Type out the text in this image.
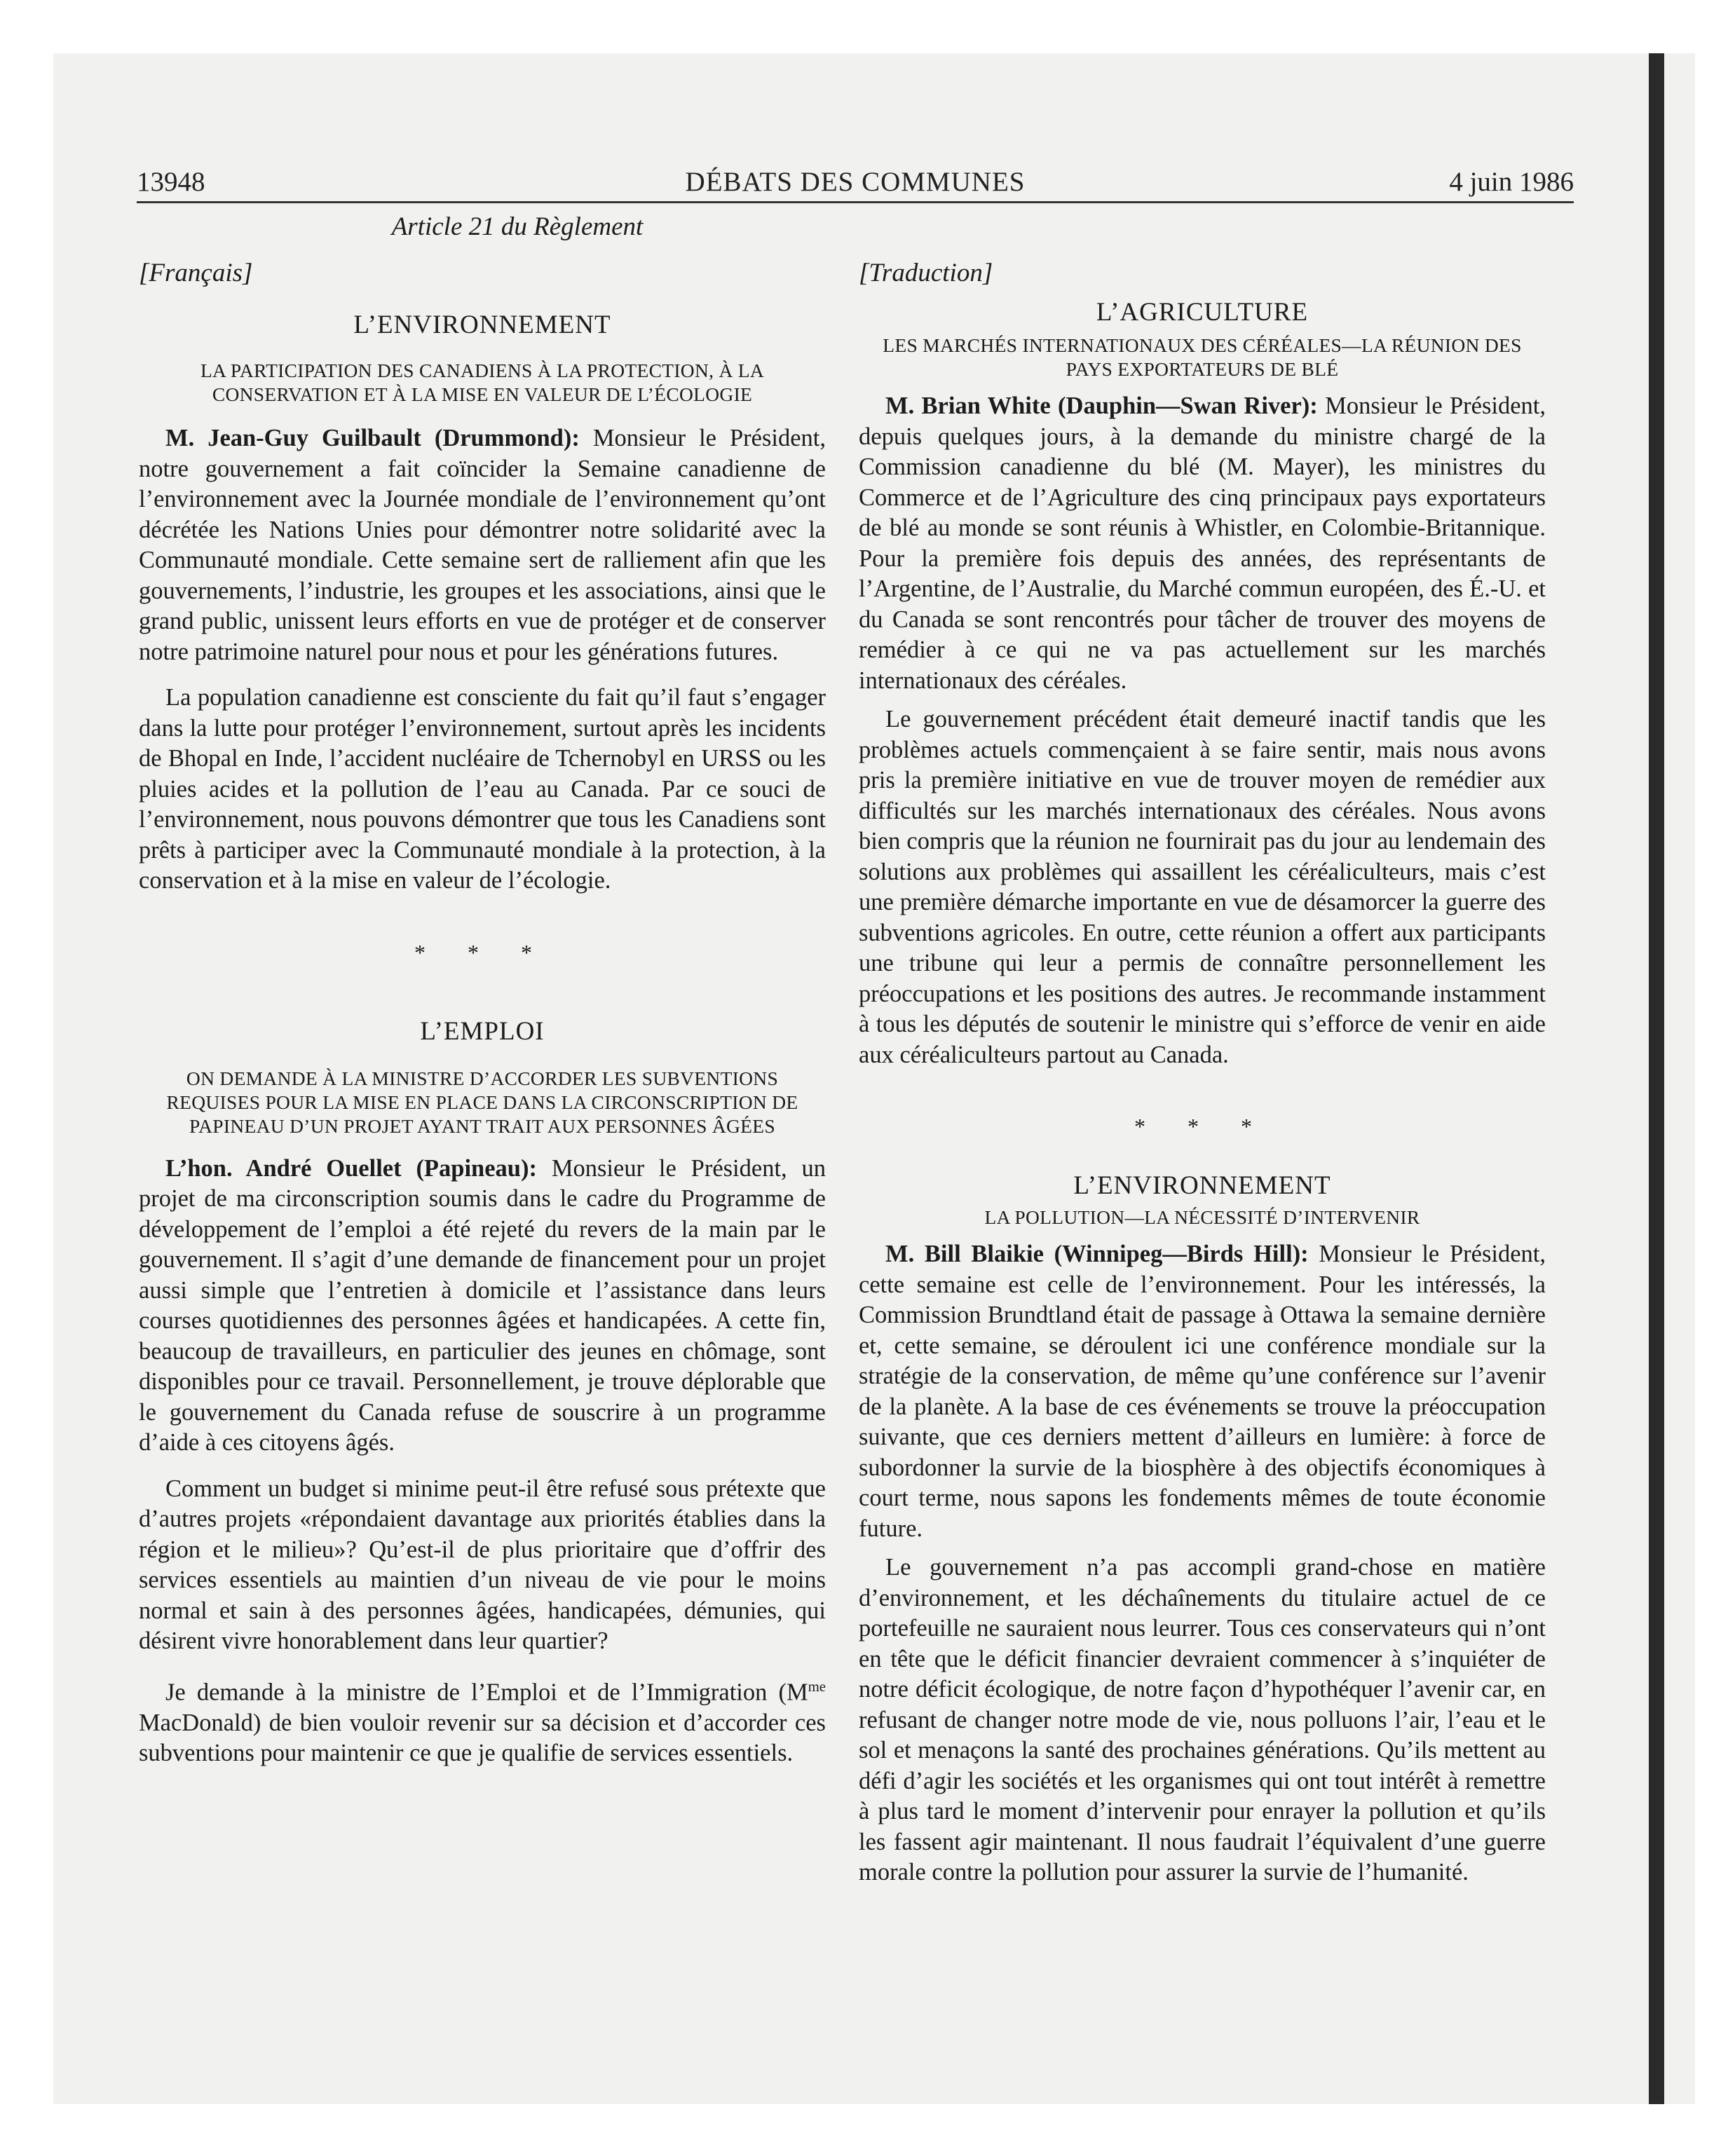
13948	DÉBATS DES COMMUNES	4 juin 1986

Article 21 du Règlement

[Français]

L’ENVIRONNEMENT

LA PARTICIPATION DES CANADIENS À LA PROTECTION, À LA CONSERVATION ET À LA MISE EN VALEUR DE L’ÉCOLOGIE

M. Jean-Guy Guilbault (Drummond): Monsieur le Président, notre gouvernement a fait coïncider la Semaine canadienne de l’environnement avec la Journée mondiale de l’environnement qu’ont décrétée les Nations Unies pour démontrer notre solidarité avec la Communauté mondiale. Cette semaine sert de ralliement afin que les gouvernements, l’industrie, les groupes et les associations, ainsi que le grand public, unissent leurs efforts en vue de protéger et de conserver notre patrimoine naturel pour nous et pour les générations futures.

La population canadienne est consciente du fait qu’il faut s’engager dans la lutte pour protéger l’environnement, surtout après les incidents de Bhopal en Inde, l’accident nucléaire de Tchernobyl en URSS ou les pluies acides et la pollution de l’eau au Canada. Par ce souci de l’environnement, nous pouvons démontrer que tous les Canadiens sont prêts à participer avec la Communauté mondiale à la protection, à la conservation et à la mise en valeur de l’écologie.

* * *

L’EMPLOI

ON DEMANDE À LA MINISTRE D’ACCORDER LES SUBVENTIONS REQUISES POUR LA MISE EN PLACE DANS LA CIRCONSCRIPTION DE PAPINEAU D’UN PROJET AYANT TRAIT AUX PERSONNES ÂGÉES

L’hon. André Ouellet (Papineau): Monsieur le Président, un projet de ma circonscription soumis dans le cadre du Programme de développement de l’emploi a été rejeté du revers de la main par le gouvernement. Il s’agit d’une demande de financement pour un projet aussi simple que l’entretien à domicile et l’assistance dans leurs courses quotidiennes des personnes âgées et handicapées. A cette fin, beaucoup de travailleurs, en particulier des jeunes en chômage, sont disponibles pour ce travail. Personnellement, je trouve déplorable que le gouvernement du Canada refuse de souscrire à un programme d’aide à ces citoyens âgés.

Comment un budget si minime peut-il être refusé sous prétexte que d’autres projets «répondaient davantage aux priorités établies dans la région et le milieu»? Qu’est-il de plus prioritaire que d’offrir des services essentiels au maintien d’un niveau de vie pour le moins normal et sain à des personnes âgées, handicapées, démunies, qui désirent vivre honorablement dans leur quartier?

Je demande à la ministre de l’Emploi et de l’Immigration ($M^{me}$ MacDonald) de bien vouloir revenir sur sa décision et d’accorder ces subventions pour maintenir ce que je qualifie de services essentiels.

[Traduction]

L’AGRICULTURE

LES MARCHÉS INTERNATIONAUX DES CÉRÉALES—LA RÉUNION DES PAYS EXPORTATEURS DE BLÉ

M. Brian White (Dauphin—Swan River): Monsieur le Président, depuis quelques jours, à la demande du ministre chargé de la Commission canadienne du blé (M. Mayer), les ministres du Commerce et de l’Agriculture des cinq principaux pays exportateurs de blé au monde se sont réunis à Whistler, en Colombie-Britannique. Pour la première fois depuis des années, des représentants de l’Argentine, de l’Australie, du Marché commun européen, des É.-U. et du Canada se sont rencontrés pour tâcher de trouver des moyens de remédier à ce qui ne va pas actuellement sur les marchés internationaux des céréales.

Le gouvernement précédent était demeuré inactif tandis que les problèmes actuels commençaient à se faire sentir, mais nous avons pris la première initiative en vue de trouver moyen de remédier aux difficultés sur les marchés internationaux des céréales. Nous avons bien compris que la réunion ne fournirait pas du jour au lendemain des solutions aux problèmes qui assaillent les céréaliculteurs, mais c’est une première démarche importante en vue de désamorcer la guerre des subventions agricoles. En outre, cette réunion a offert aux participants une tribune qui leur a permis de connaître personnellement les préoccupations et les positions des autres. Je recommande instamment à tous les députés de soutenir le ministre qui s’efforce de venir en aide aux céréaliculteurs partout au Canada.

* * *

L’ENVIRONNEMENT

LA POLLUTION—LA NÉCESSITÉ D’INTERVENIR

M. Bill Blaikie (Winnipeg—Birds Hill): Monsieur le Président, cette semaine est celle de l’environnement. Pour les intéressés, la Commission Brundtland était de passage à Ottawa la semaine dernière et, cette semaine, se déroulent ici une conférence mondiale sur la stratégie de la conservation, de même qu’une conférence sur l’avenir de la planète. A la base de ces événements se trouve la préoccupation suivante, que ces derniers mettent d’ailleurs en lumière: à force de subordonner la survie de la biosphère à des objectifs économiques à court terme, nous sapons les fondements mêmes de toute économie future.

Le gouvernement n’a pas accompli grand-chose en matière d’environnement, et les déchaînements du titulaire actuel de ce portefeuille ne sauraient nous leurrer. Tous ces conservateurs qui n’ont en tête que le déficit financier devraient commencer à s’inquiéter de notre déficit écologique, de notre façon d’hypothéquer l’avenir car, en refusant de changer notre mode de vie, nous polluons l’air, l’eau et le sol et menaçons la santé des prochaines générations. Qu’ils mettent au défi d’agir les sociétés et les organismes qui ont tout intérêt à remettre à plus tard le moment d’intervenir pour enrayer la pollution et qu’ils les fassent agir maintenant. Il nous faudrait l’équivalent d’une guerre morale contre la pollution pour assurer la survie de l’humanité.
